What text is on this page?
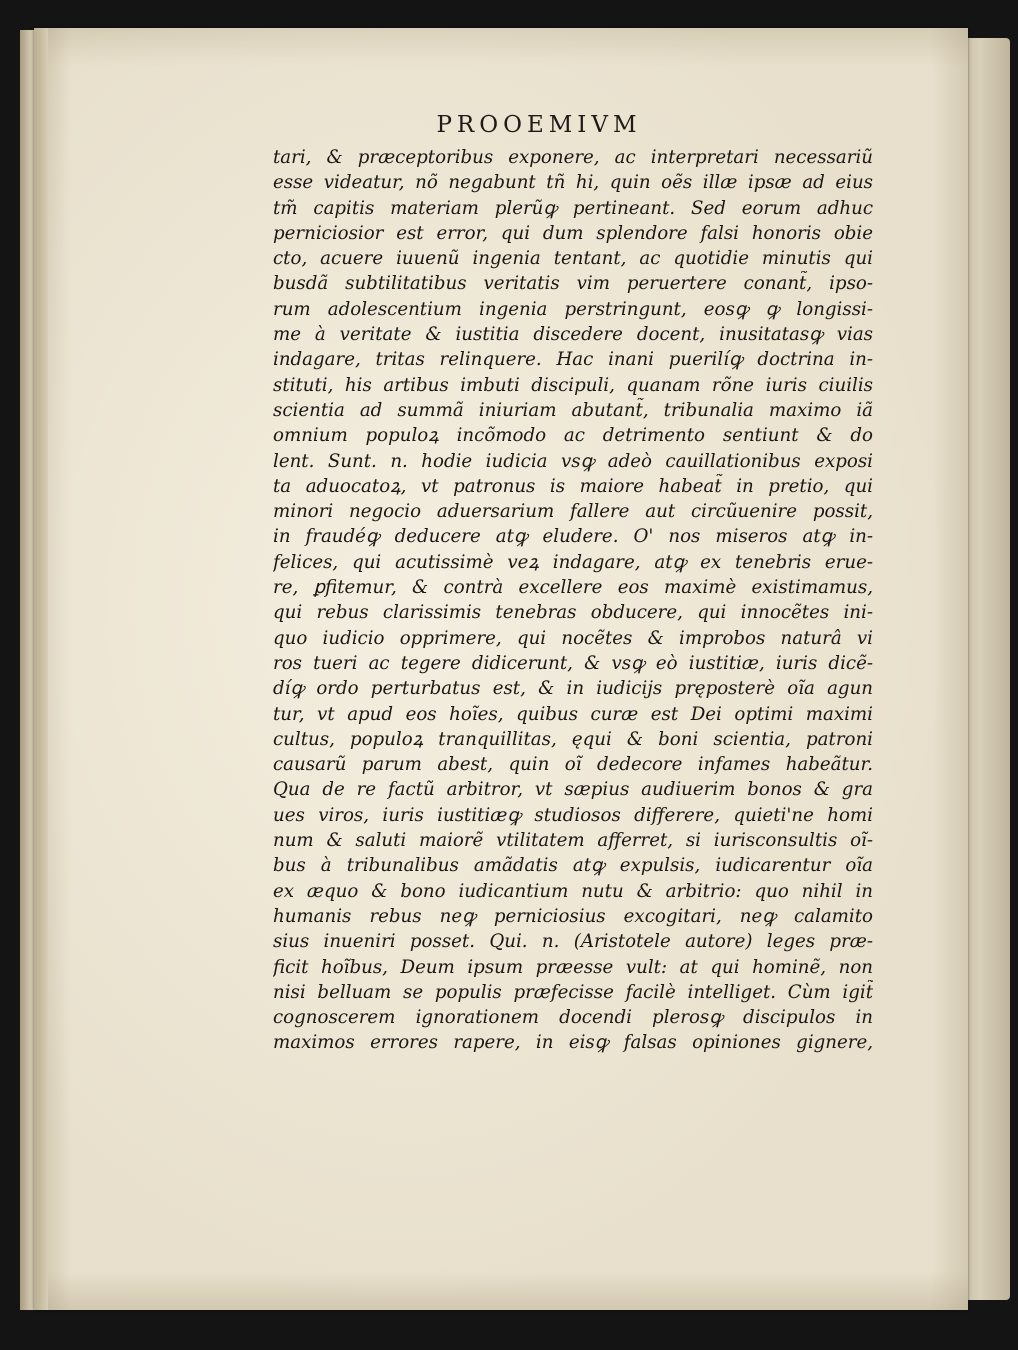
PROOEMIVM
tari, & præceptoribus exponere, ac interpretari necessariũ
esse videatur, nõ negabunt tñ hi, quin oẽs illæ ipsæ ad eius
tm̃ capitis materiam plerũꝙ pertineant. Sed eorum adhuc
perniciosior est error, qui dum splendore falsi honoris obie
cto, acuere iuuenũ ingenia tentant, ac quotidie minutis qui
busdã subtilitatibus veritatis vim peruertere conant̃, ipso-
rum adolescentium ingenia perstringunt, eosꝙ ꝙ longissi-
me à veritate & iustitia discedere docent, inusitatasꝙ vias
indagare, tritas relinquere. Hac inani puerilíꝙ doctrina in-
stituti, his artibus imbuti discipuli, quanam rõne iuris ciuilis
scientia ad summã iniuriam abutant̃, tribunalia maximo iã
omnium populoꝝ incõmodo ac detrimento sentiunt & do
lent. Sunt. n. hodie iudicia vsꝙ adeò cauillationibus exposi
ta aduocatoꝝ, vt patronus is maiore habeat̃ in pretio, qui
minori negocio aduersarium fallere aut circũuenire possit,
in fraudéꝙ deducere atꝙ eludere. O' nos miseros atꝙ in-
felices, qui acutissimè veꝝ indagare, atꝙ ex tenebris erue-
re, ꝑfitemur, & contrà excellere eos maximè existimamus,
qui rebus clarissimis tenebras obducere, qui innocẽtes ini-
quo iudicio opprimere, qui nocẽtes & improbos naturâ vi
ros tueri ac tegere didicerunt, & vsꝙ eò iustitiæ, iuris dicẽ-
díꝙ ordo perturbatus est, & in iudicijs pręposterè oĩa agun
tur, vt apud eos hoĩes, quibus curæ est Dei optimi maximi
cultus, populoꝝ tranquillitas, ęqui & boni scientia, patroni
causarũ parum abest, quin oĩ dedecore infames habeãtur.
Qua de re factũ arbitror, vt sæpius audiuerim bonos & gra
ues viros, iuris iustitiæꝙ studiosos differere, quieti'ne homi
num & saluti maiorẽ vtilitatem afferret, si iurisconsultis oĩ-
bus à tribunalibus amãdatis atꝙ expulsis, iudicarentur oĩa
ex æquo & bono iudicantium nutu & arbitrio: quo nihil in
humanis rebus neꝙ perniciosius excogitari, neꝙ calamito
sius inueniri posset. Qui. n. (Aristotele autore) leges præ-
ficit hoĩbus, Deum ipsum præesse vult: at qui hominẽ, non
nisi belluam se populis præfecisse facilè intelliget. Cùm igit̃
cognoscerem ignorationem docendi plerosꝙ discipulos in
maximos errores rapere, in eisꝙ falsas opiniones gignere,
